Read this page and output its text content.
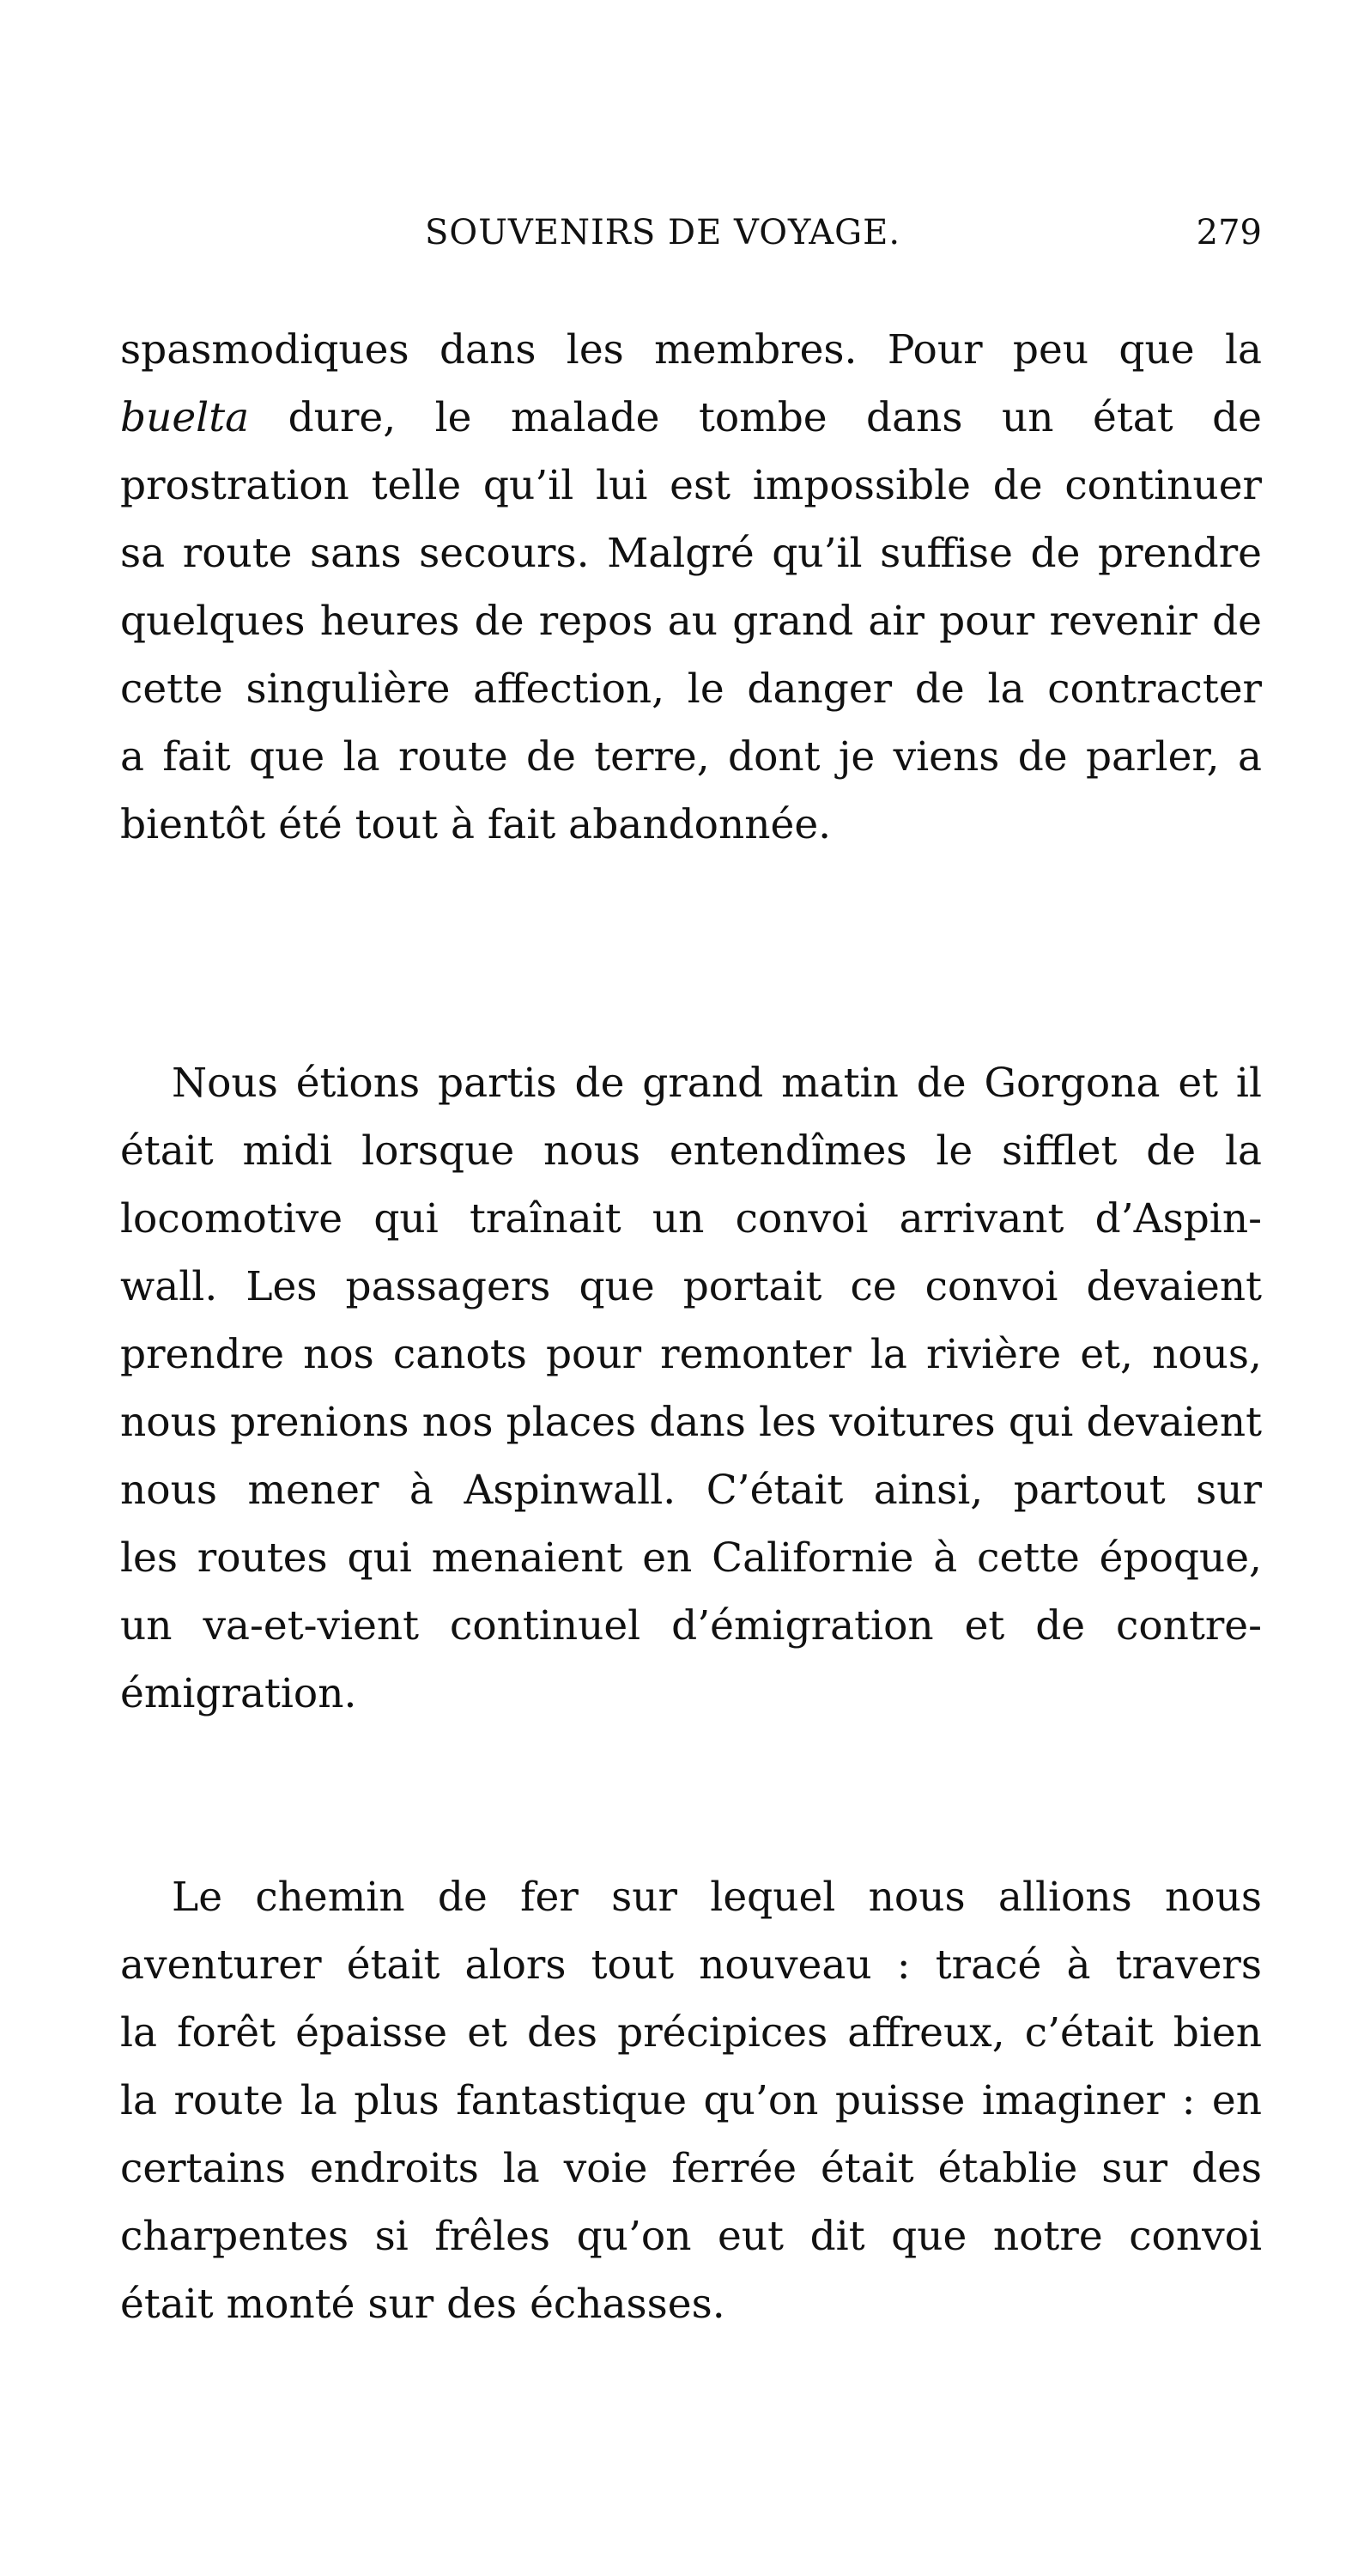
SOUVENIRS DE VOYAGE.	279
spasmodiques dans les membres. Pour peu que la
buelta dure, le malade tombe dans un état de
prostration telle qu’il lui est impossible de continuer
sa route sans secours. Malgré qu’il suffise de prendre
quelques heures de repos au grand air pour revenir de
cette singulière affection, le danger de la contracter
a fait que la route de terre, dont je viens de parler, a
bientôt été tout à fait abandonnée.
Nous étions partis de grand matin de Gorgona et il
était midi lorsque nous entendîmes le sifflet de la
locomotive qui traînait un convoi arrivant d’Aspin-
wall. Les passagers que portait ce convoi devaient
prendre nos canots pour remonter la rivière et, nous,
nous prenions nos places dans les voitures qui devaient
nous mener à Aspinwall. C’était ainsi, partout sur
les routes qui menaient en Californie à cette époque,
un va-et-vient continuel d’émigration et de contre-
émigration.
Le chemin de fer sur lequel nous allions nous
aventurer était alors tout nouveau : tracé à travers
la forêt épaisse et des précipices affreux, c’était bien
la route la plus fantastique qu’on puisse imaginer : en
certains endroits la voie ferrée était établie sur des
charpentes si frêles qu’on eut dit que notre convoi
était monté sur des échasses.
